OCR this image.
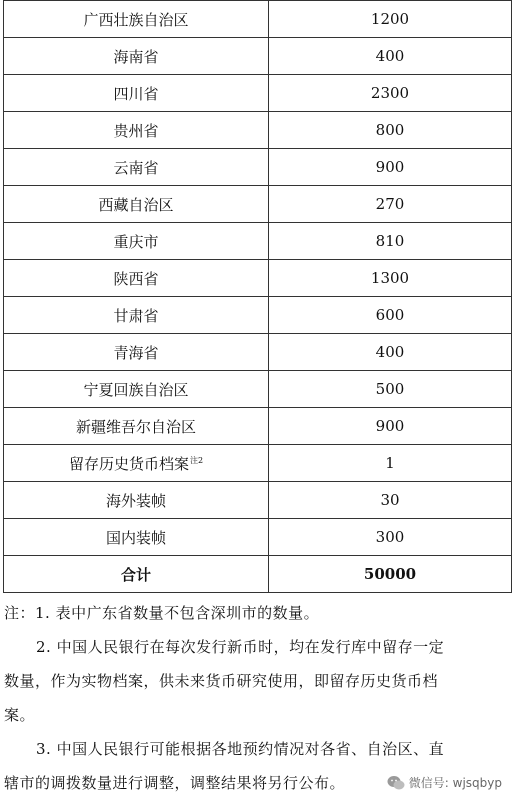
广西壮族自治区	1200
海南省	400
四川省	2300
贵州省	800
云南省	900
西藏自治区	270
重庆市	810
陕西省	1300
甘肃省	600
青海省	400
宁夏回族自治区	500
新疆维吾尔自治区	900
留存历史货币档案$^{注2}$	1
海外装帧	30
国内装帧	300
合计	50000
注：1. 表中广东省数量不包含深圳市的数量。
2. 中国人民银行在每次发行新币时，均在发行库中留存一定
数量，作为实物档案，供未来货币研究使用，即留存历史货币档
案。
3. 中国人民银行可能根据各地预约情况对各省、自治区、直
辖市的调拨数量进行调整，调整结果将另行公布。	微信号: wjsqbyp
